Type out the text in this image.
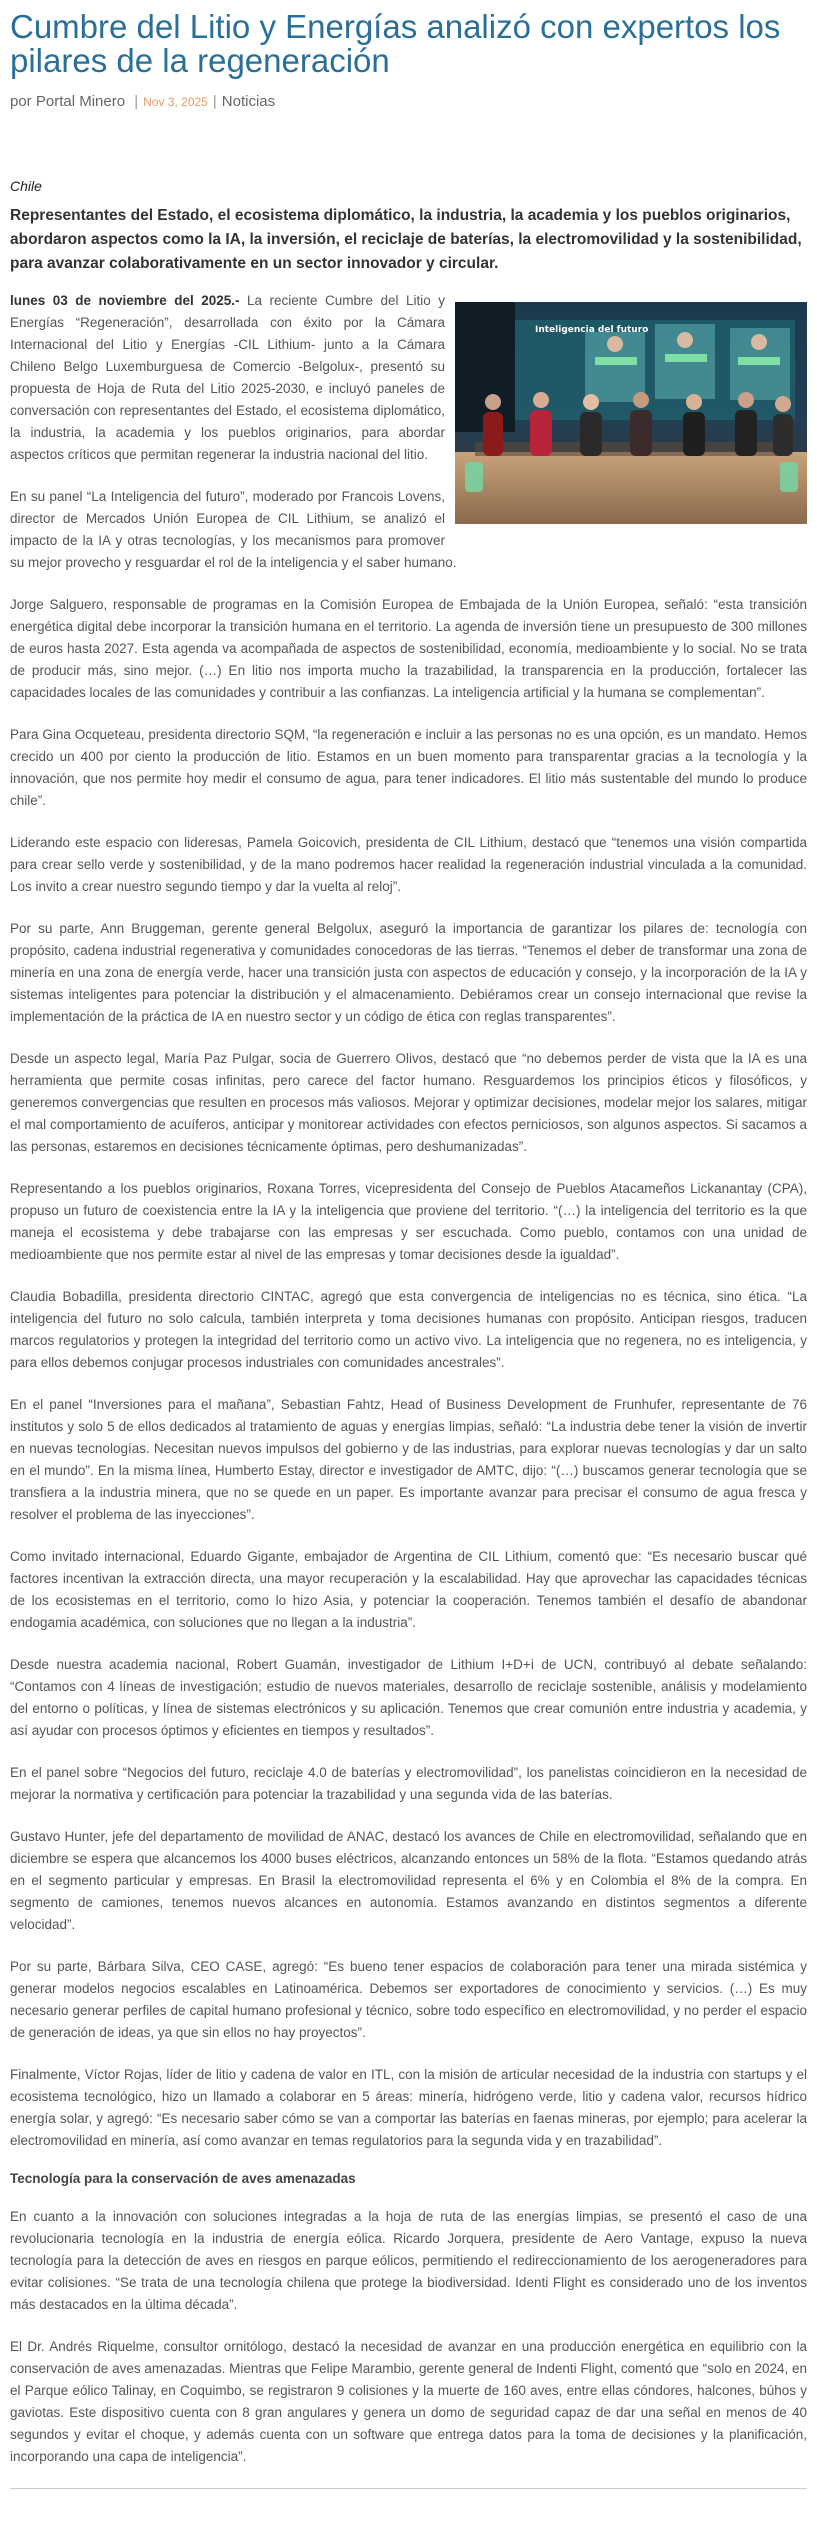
Cumbre del Litio y Energías analizó con expertos los pilares de la regeneración
por Portal Minero | Nov 3, 2025 | Noticias
Chile
Representantes del Estado, el ecosistema diplomático, la industria, la academia y los pueblos originarios, abordaron aspectos como la IA, la inversión, el reciclaje de baterías, la electromovilidad y la sostenibilidad, para avanzar colaborativamente en un sector innovador y circular.
Inteligencia del futuro

lunes 03 de noviembre del 2025.- La reciente Cumbre del Litio y Energías “Regeneración”, desarrollada con éxito por la Cámara Internacional del Litio y Energías -CIL Lithium- junto a la Cámara Chileno Belgo Luxemburguesa de Comercio -Belgolux-, presentó su propuesta de Hoja de Ruta del Litio 2025-2030, e incluyó paneles de conversación con representantes del Estado, el ecosistema diplomático, la industria, la academia y los pueblos originarios, para abordar aspectos críticos que permitan regenerar la industria nacional del litio.

En su panel “La Inteligencia del futuro”, moderado por Francois Lovens, director de Mercados Unión Europea de CIL Lithium, se analizó el impacto de la IA y otras tecnologías, y los mecanismos para promover su mejor provecho y resguardar el rol de la inteligencia y el saber humano.

Jorge Salguero, responsable de programas en la Comisión Europea de Embajada de la Unión Europea, señaló: “esta transición energética digital debe incorporar la transición humana en el territorio. La agenda de inversión tiene un presupuesto de 300 millones de euros hasta 2027. Esta agenda va acompañada de aspectos de sostenibilidad, economía, medioambiente y lo social. No se trata de producir más, sino mejor. (…) En litio nos importa mucho la trazabilidad, la transparencia en la producción, fortalecer las capacidades locales de las comunidades y contribuir a las confianzas. La inteligencia artificial y la humana se complementan”.

Para Gina Ocqueteau, presidenta directorio SQM, “la regeneración e incluir a las personas no es una opción, es un mandato. Hemos crecido un 400 por ciento la producción de litio. Estamos en un buen momento para transparentar gracias a la tecnología y la innovación, que nos permite hoy medir el consumo de agua, para tener indicadores. El litio más sustentable del mundo lo produce chile”.

Liderando este espacio con lideresas, Pamela Goicovich, presidenta de CIL Lithium, destacó que “tenemos una visión compartida para crear sello verde y sostenibilidad, y de la mano podremos hacer realidad la regeneración industrial vinculada a la comunidad. Los invito a crear nuestro segundo tiempo y dar la vuelta al reloj”.

Por su parte, Ann Bruggeman, gerente general Belgolux, aseguró la importancia de garantizar los pilares de: tecnología con propósito, cadena industrial regenerativa y comunidades conocedoras de las tierras. “Tenemos el deber de transformar una zona de minería en una zona de energía verde, hacer una transición justa con aspectos de educación y consejo, y la incorporación de la IA y sistemas inteligentes para potenciar la distribución y el almacenamiento. Debiéramos crear un consejo internacional que revise la implementación de la práctica de IA en nuestro sector y un código de ética con reglas transparentes”.

Desde un aspecto legal, María Paz Pulgar, socia de Guerrero Olivos, destacó que “no debemos perder de vista que la IA es una herramienta que permite cosas infinitas, pero carece del factor humano. Resguardemos los principios éticos y filosóficos, y generemos convergencias que resulten en procesos más valiosos. Mejorar y optimizar decisiones, modelar mejor los salares, mitigar el mal comportamiento de acuíferos, anticipar y monitorear actividades con efectos perniciosos, son algunos aspectos. Si sacamos a las personas, estaremos en decisiones técnicamente óptimas, pero deshumanizadas”.

Representando a los pueblos originarios, Roxana Torres, vicepresidenta del Consejo de Pueblos Atacameños Lickanantay (CPA), propuso un futuro de coexistencia entre la IA y la inteligencia que proviene del territorio. “(…) la inteligencia del territorio es la que maneja el ecosistema y debe trabajarse con las empresas y ser escuchada. Como pueblo, contamos con una unidad de medioambiente que nos permite estar al nivel de las empresas y tomar decisiones desde la igualdad”.

Claudia Bobadilla, presidenta directorio CINTAC, agregó que esta convergencia de inteligencias no es técnica, sino ética. “La inteligencia del futuro no solo calcula, también interpreta y toma decisiones humanas con propósito. Anticipan riesgos, traducen marcos regulatorios y protegen la integridad del territorio como un activo vivo. La inteligencia que no regenera, no es inteligencia, y para ellos debemos conjugar procesos industriales con comunidades ancestrales”.

En el panel “Inversiones para el mañana”, Sebastian Fahtz, Head of Business Development de Frunhufer, representante de 76 institutos y solo 5 de ellos dedicados al tratamiento de aguas y energías limpias, señaló: “La industria debe tener la visión de invertir en nuevas tecnologías. Necesitan nuevos impulsos del gobierno y de las industrias, para explorar nuevas tecnologías y dar un salto en el mundo”. En la misma línea, Humberto Estay, director e investigador de AMTC, dijo: “(…) buscamos generar tecnología que se transfiera a la industria minera, que no se quede en un paper. Es importante avanzar para precisar el consumo de agua fresca y resolver el problema de las inyecciones”.

Como invitado internacional, Eduardo Gigante, embajador de Argentina de CIL Lithium, comentó que: “Es necesario buscar qué factores incentivan la extracción directa, una mayor recuperación y la escalabilidad. Hay que aprovechar las capacidades técnicas de los ecosistemas en el territorio, como lo hizo Asia, y potenciar la cooperación. Tenemos también el desafío de abandonar endogamia académica, con soluciones que no llegan a la industria”.

Desde nuestra academia nacional, Robert Guamán, investigador de Lithium I+D+i de UCN, contribuyó al debate señalando: “Contamos con 4 líneas de investigación; estudio de nuevos materiales, desarrollo de reciclaje sostenible, análisis y modelamiento del entorno o políticas, y línea de sistemas electrónicos y su aplicación. Tenemos que crear comunión entre industria y academia, y así ayudar con procesos óptimos y eficientes en tiempos y resultados”.

En el panel sobre “Negocios del futuro, reciclaje 4.0 de baterías y electromovilidad”, los panelistas coincidieron en la necesidad de mejorar la normativa y certificación para potenciar la trazabilidad y una segunda vida de las baterías.

Gustavo Hunter, jefe del departamento de movilidad de ANAC, destacó los avances de Chile en electromovilidad, señalando que en diciembre se espera que alcancemos los 4000 buses eléctricos, alcanzando entonces un 58% de la flota. “Estamos quedando atrás en el segmento particular y empresas. En Brasil la electromovilidad representa el 6% y en Colombia el 8% de la compra. En segmento de camiones, tenemos nuevos alcances en autonomía. Estamos avanzando en distintos segmentos a diferente velocidad”.

Por su parte, Bárbara Silva, CEO CASE, agregó: “Es bueno tener espacios de colaboración para tener una mirada sistémica y generar modelos negocios escalables en Latinoamérica. Debemos ser exportadores de conocimiento y servicios. (…) Es muy necesario generar perfiles de capital humano profesional y técnico, sobre todo específico en electromovilidad, y no perder el espacio de generación de ideas, ya que sin ellos no hay proyectos”.

Finalmente, Víctor Rojas, líder de litio y cadena de valor en ITL, con la misión de articular necesidad de la industria con startups y el ecosistema tecnológico, hizo un llamado a colaborar en 5 áreas: minería, hidrógeno verde, litio y cadena valor, recursos hídrico energía solar, y agregó: “Es necesario saber cómo se van a comportar las baterías en faenas mineras, por ejemplo; para acelerar la electromovilidad en minería, así como avanzar en temas regulatorios para la segunda vida y en trazabilidad”.

Tecnología para la conservación de aves amenazadas

En cuanto a la innovación con soluciones integradas a la hoja de ruta de las energías limpias, se presentó el caso de una revolucionaria tecnología en la industria de energía eólica. Ricardo Jorquera, presidente de Aero Vantage, expuso la nueva tecnología para la detección de aves en riesgos en parque eólicos, permitiendo el redireccionamiento de los aerogeneradores para evitar colisiones. “Se trata de una tecnología chilena que protege la biodiversidad. Identi Flight es considerado uno de los inventos más destacados en la última década”.

El Dr. Andrés Riquelme, consultor ornitólogo, destacó la necesidad de avanzar en una producción energética en equilibrio con la conservación de aves amenazadas. Mientras que Felipe Marambio, gerente general de Indenti Flight, comentó que “solo en 2024, en el Parque eólico Talinay, en Coquimbo, se registraron 9 colisiones y la muerte de 160 aves, entre ellas cóndores, halcones, búhos y gaviotas. Este dispositivo cuenta con 8 gran angulares y genera un domo de seguridad capaz de dar una señal en menos de 40 segundos y evitar el choque, y además cuenta con un software que entrega datos para la toma de decisiones y la planificación, incorporando una capa de inteligencia”.
